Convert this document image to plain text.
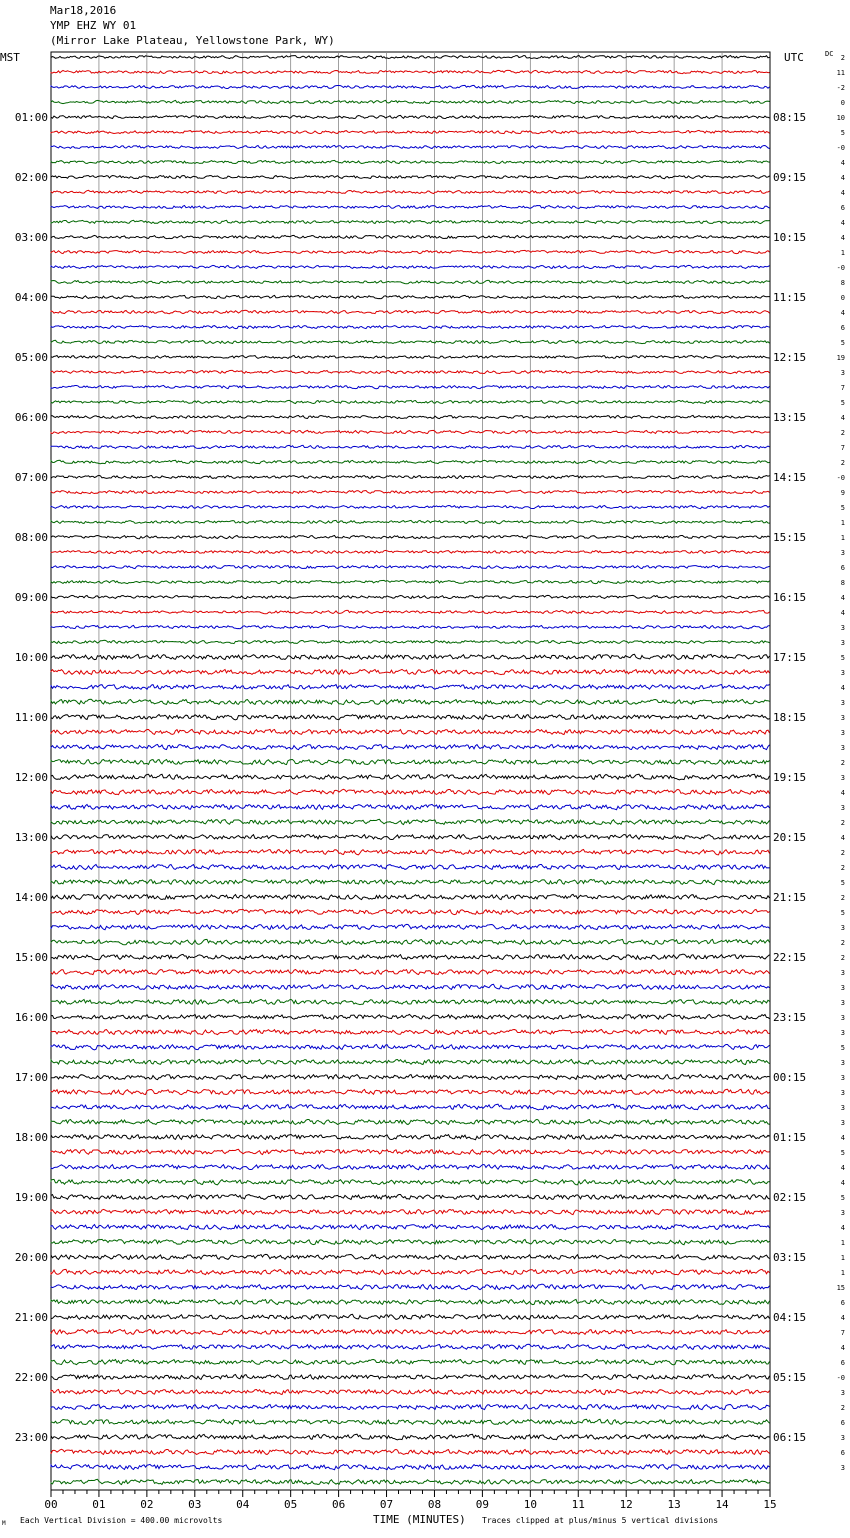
Mar18,2016
YMP EHZ WY 01
(Mirror Lake Plateau, Yellowstone Park, WY)
MST	UTC	DC
01:00
02:00
03:00
04:00
05:00
06:00
07:00
08:00
09:00
10:00
11:00
12:00
13:00
14:00
15:00
16:00
17:00
18:00
19:00
20:00
21:00
22:00
23:00
08:15
09:15
10:15
11:15
12:15
13:15
14:15
15:15
16:15
17:15
18:15
19:15
20:15
21:15
22:15
23:15
00:15
01:15
02:15
03:15
04:15
05:15
06:15
2
11
-2
0
10
5
-0
4
4
4
6
4
4
1
-0
8
0
4
6
5
19
3
7
5
4
2
7
2
-0
9
5
1
1
3
6
8
4
4
3
3
5
3
4
3
3
3
3
2
3
4
3
2
4
2
2
5
2
5
3
2
2
3
3
3
3
3
5
3
3
3
3
3
4
5
4
4
5
3
4
1
1
1
15
6
4
7
4
6
-0
3
2
6
3
6
3
00	01	02	03	04	05	06	07	08	09	10	11	12	13	14	15
M Each Vertical Division = 400.00 microvolts	TIME (MINUTES) Traces clipped at plus/minus 5 vertical divisions
